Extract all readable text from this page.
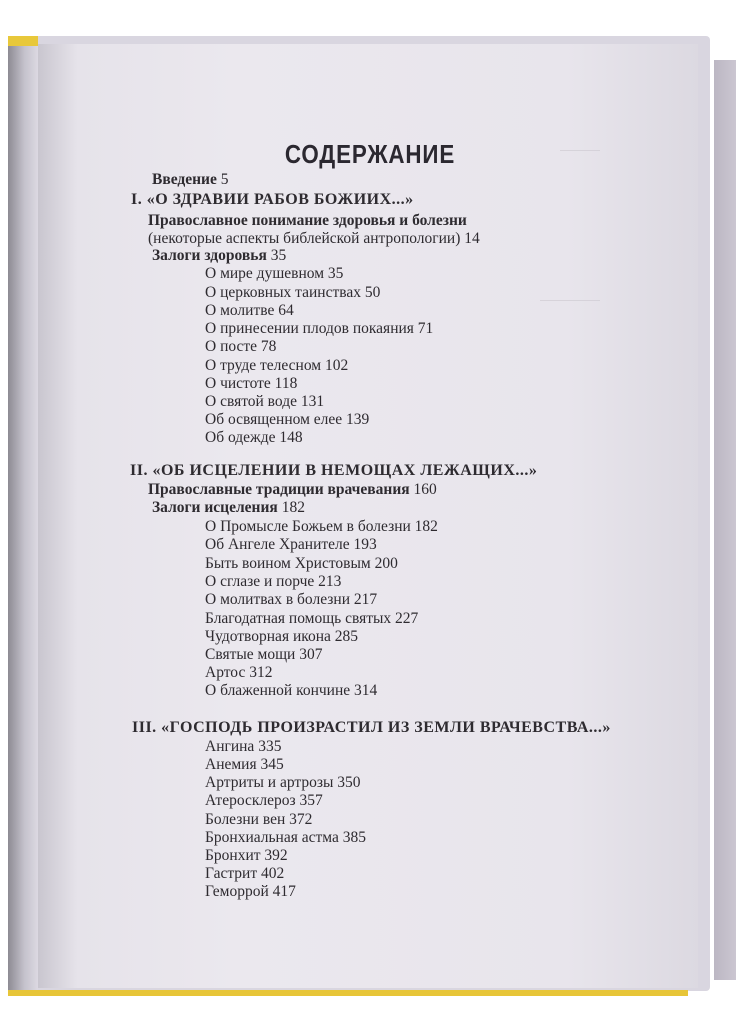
СОДЕРЖАНИЕ
Введение 5
I. «О ЗДРАВИИ РАБОВ БОЖИИХ...»
Православное понимание здоровья и болезни
(некоторые аспекты библейской антропологии) 14
Залоги здоровья 35
О мире душевном 35
О церковных таинствах 50
О молитве 64
О принесении плодов покаяния 71
О посте 78
О труде телесном 102
О чистоте 118
О святой воде 131
Об освященном елее 139
Об одежде 148
II. «ОБ ИСЦЕЛЕНИИ В НЕМОЩАХ ЛЕЖАЩИХ...»
Православные традиции врачевания 160
Залоги исцеления 182
О Промысле Божьем в болезни 182
Об Ангеле Хранителе 193
Быть воином Христовым 200
О сглазе и порче 213
О молитвах в болезни 217
Благодатная помощь святых 227
Чудотворная икона 285
Святые мощи 307
Артос 312
О блаженной кончине 314
III. «ГОСПОДЬ ПРОИЗРАСТИЛ ИЗ ЗЕМЛИ ВРАЧЕВСТВА...»
Ангина 335
Анемия 345
Артриты и артрозы 350
Атеросклероз 357
Болезни вен 372
Бронхиальная астма 385
Бронхит 392
Гастрит 402
Геморрой 417
